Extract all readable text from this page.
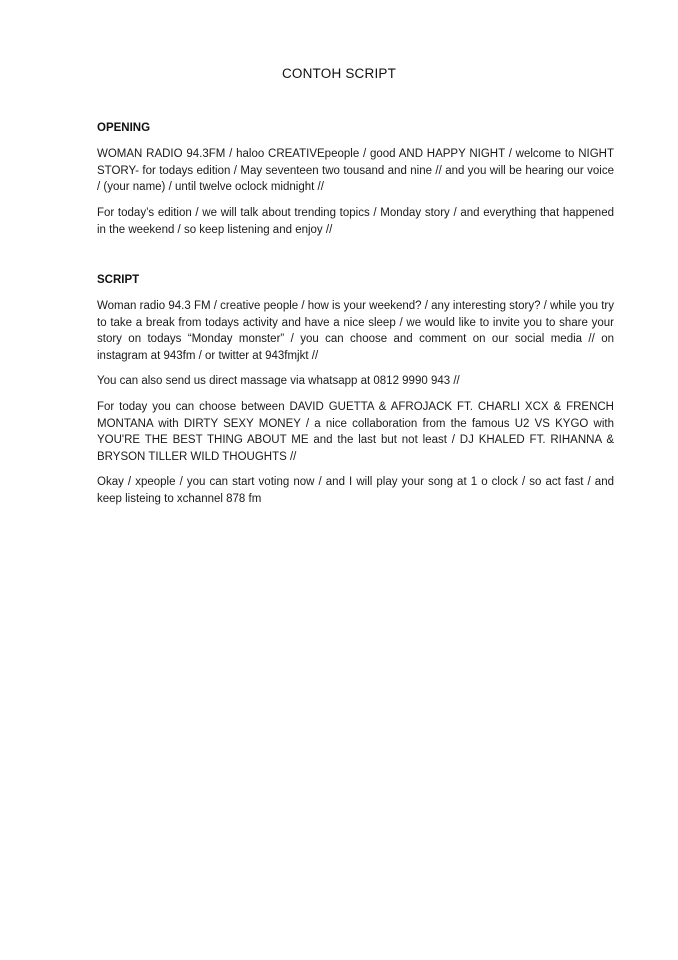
CONTOH SCRIPT

OPENING

WOMAN RADIO 94.3FM / haloo CREATIVEpeople / good AND HAPPY NIGHT / welcome to NIGHT STORY- for todays edition / May seventeen two tousand and nine // and you will be hearing our voice / (your name) / until twelve oclock midnight //

For today’s edition / we will talk about trending topics / Monday story / and everything that happened in the weekend / so keep listening and enjoy //

SCRIPT

Woman radio 94.3 FM / creative people / how is your weekend? / any interesting story? / while you try to take a break from todays activity and have a nice sleep / we would like to invite you to share your story on todays “Monday monster” / you can choose and comment on our social media // on instagram at 943fm / or twitter at 943fmjkt //

You can also send us direct massage via whatsapp at 0812 9990 943 //

For today you can choose between DAVID GUETTA & AFROJACK FT. CHARLI XCX & FRENCH MONTANA with DIRTY SEXY MONEY / a nice collaboration from the famous U2 VS KYGO with YOU'RE THE BEST THING ABOUT ME and the last but not least / DJ KHALED FT. RIHANNA & BRYSON TILLER WILD THOUGHTS //

Okay / xpeople / you can start voting now / and I will play your song at 1 o clock / so act fast / and keep listeing to xchannel 878 fm
